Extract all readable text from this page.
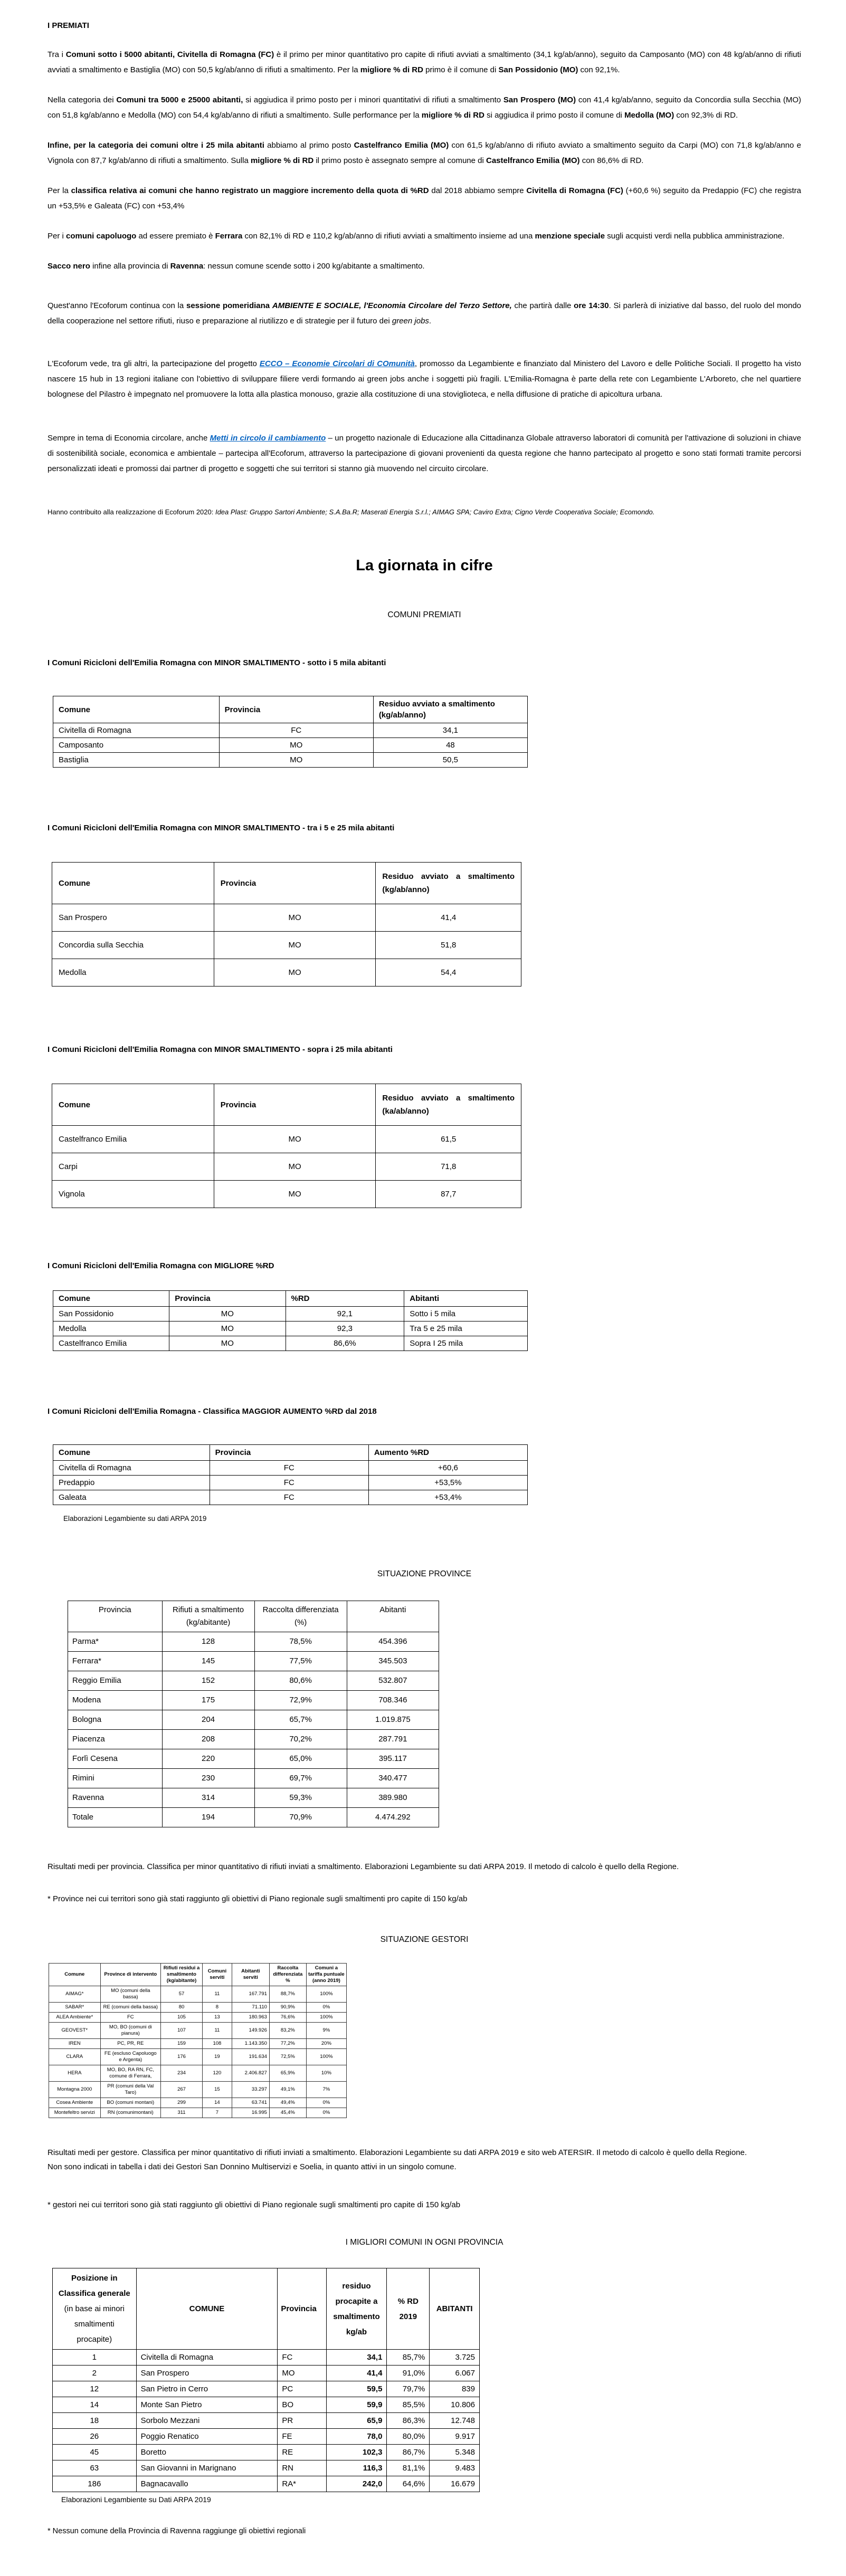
I PREMIATI

Tra i Comuni sotto i 5000 abitanti, Civitella di Romagna (FC) è il primo per minor quantitativo pro capite di rifiuti avviati a smaltimento (34,1 kg/ab/anno), seguito da Camposanto (MO) con 48 kg/ab/anno di rifiuti avviati a smaltimento e Bastiglia (MO) con 50,5 kg/ab/anno di rifiuti a smaltimento. Per la migliore % di RD primo è il comune di San Possidonio (MO) con 92,1%.

Nella categoria dei Comuni tra 5000 e 25000 abitanti, si aggiudica il primo posto per i minori quantitativi di rifiuti a smaltimento San Prospero (MO) con 41,4 kg/ab/anno, seguito da Concordia sulla Secchia (MO) con 51,8 kg/ab/anno e Medolla (MO) con 54,4 kg/ab/anno di rifiuti a smaltimento. Sulle performance per la migliore % di RD si aggiudica il primo posto il comune di Medolla (MO) con 92,3% di RD.

Infine, per la categoria dei comuni oltre i 25 mila abitanti abbiamo al primo posto Castelfranco Emilia (MO) con 61,5 kg/ab/anno di rifiuto avviato a smaltimento seguito da Carpi (MO) con 71,8 kg/ab/anno e Vignola con 87,7 kg/ab/anno di rifiuti a smaltimento. Sulla migliore % di RD il primo posto è assegnato sempre al comune di Castelfranco Emilia (MO) con 86,6% di RD.

Per la classifica relativa ai comuni che hanno registrato un maggiore incremento della quota di %RD dal 2018 abbiamo sempre Civitella di Romagna (FC) (+60,6 %) seguito da Predappio (FC) che registra un +53,5% e Galeata (FC) con +53,4%

Per i comuni capoluogo ad essere premiato è Ferrara con 82,1% di RD e 110,2 kg/ab/anno di rifiuti avviati a smaltimento insieme ad una menzione speciale sugli acquisti verdi nella pubblica amministrazione.

Sacco nero infine alla provincia di Ravenna: nessun comune scende sotto i 200 kg/abitante a smaltimento.

Quest'anno l'Ecoforum continua con la sessione pomeridiana AMBIENTE E SOCIALE, l'Economia Circolare del Terzo Settore, che partirà dalle ore 14:30. Si parlerà di iniziative dal basso, del ruolo del mondo della cooperazione nel settore rifiuti, riuso e preparazione al riutilizzo e di strategie per il futuro dei green jobs.

L'Ecoforum vede, tra gli altri, la partecipazione del progetto ECCO – Economie Circolari di COmunità, promosso da Legambiente e finanziato dal Ministero del Lavoro e delle Politiche Sociali. Il progetto ha visto nascere 15 hub in 13 regioni italiane con l'obiettivo di sviluppare filiere verdi formando ai green jobs anche i soggetti più fragili. L'Emilia-Romagna è parte della rete con Legambiente L'Arboreto, che nel quartiere bolognese del Pilastro è impegnato nel promuovere la lotta alla plastica monouso, grazie alla costituzione di una stoviglioteca, e nella diffusione di pratiche di apicoltura urbana.

Sempre in tema di Economia circolare, anche Metti in circolo il cambiamento – un progetto nazionale di Educazione alla Cittadinanza Globale attraverso laboratori di comunità per l'attivazione di soluzioni in chiave di sostenibilità sociale, economica e ambientale – partecipa all'Ecoforum, attraverso la partecipazione di giovani provenienti da questa regione che hanno partecipato al progetto e sono stati formati tramite percorsi personalizzati ideati e promossi dai partner di progetto e soggetti che sui territori si stanno già muovendo nel circuito circolare.

Hanno contribuito alla realizzazione di Ecoforum 2020: Idea Plast: Gruppo Sartori Ambiente; S.A.Ba.R; Maserati Energia S.r.l.; AIMAG SPA; Caviro Extra; Cigno Verde Cooperativa Sociale; Ecomondo.

La giornata in cifre
COMUNI PREMIATI
I Comuni Ricicloni dell'Emilia Romagna con MINOR SMALTIMENTO - sotto i 5 mila abitanti
Comune	Provincia	Residuo avviato a smaltimento (kg/ab/anno)
Civitella di Romagna	FC	34,1
Camposanto	MO	48
Bastiglia	MO	50,5
I Comuni Ricicloni dell'Emilia Romagna con MINOR SMALTIMENTO - tra i 5 e 25 mila abitanti
Comune	Provincia	Residuo avviato a smaltimento (kg/ab/anno)
San Prospero	MO	41,4
Concordia sulla Secchia	MO	51,8
Medolla	MO	54,4
I Comuni Ricicloni dell'Emilia Romagna con MINOR SMALTIMENTO - sopra i 25 mila abitanti
Comune	Provincia	Residuo avviato a smaltimento (ka/ab/anno)
Castelfranco Emilia	MO	61,5
Carpi	MO	71,8
Vignola	MO	87,7
I Comuni Ricicloni dell'Emilia Romagna con MIGLIORE %RD
Comune	Provincia	%RD	Abitanti
San Possidonio	MO	92,1	Sotto i 5 mila
Medolla	MO	92,3	Tra 5 e 25 mila
Castelfranco Emilia	MO	86,6%	Sopra I 25 mila
I Comuni Ricicloni dell'Emilia Romagna - Classifica MAGGIOR AUMENTO %RD dal 2018
Comune	Provincia	Aumento %RD
Civitella di Romagna	FC	+60,6
Predappio	FC	+53,5%
Galeata	FC	+53,4%
Elaborazioni Legambiente su dati ARPA 2019
SITUAZIONE PROVINCE
Provincia	Rifiuti a smaltimento (kg/abitante)	Raccolta differenziata (%)	Abitanti
Parma*	128	78,5%	454.396
Ferrara*	145	77,5%	345.503
Reggio Emilia	152	80,6%	532.807
Modena	175	72,9%	708.346
Bologna	204	65,7%	1.019.875
Piacenza	208	70,2%	287.791
Forlì Cesena	220	65,0%	395.117
Rimini	230	69,7%	340.477
Ravenna	314	59,3%	389.980
Totale	194	70,9%	4.474.292

Risultati medi per provincia. Classifica per minor quantitativo di rifiuti inviati a smaltimento. Elaborazioni Legambiente su dati ARPA 2019. Il metodo di calcolo è quello della Regione.

* Province nei cui territori sono già stati raggiunto gli obiettivi di Piano regionale sugli smaltimenti pro capite di 150 kg/ab

SITUAZIONE GESTORI
Comune	Province di intervento	Rifiuti residui a smaltimento (kg/abitante)	Comuni serviti	Abitanti serviti	Raccolta differenziata %	Comuni a tariffa puntuale (anno 2019)
AIMAG*	MO (comuni della bassa)	57	11	167.791	88,7%	100%
SABAR*	RE (comuni della bassa)	80	8	71.110	90,9%	0%
ALEA Ambiente*	FC	105	13	180.963	76,6%	100%
GEOVEST*	MO, BO (comuni di pianura)	107	11	149.926	83,2%	9%
IREN	PC, PR, RE	159	108	1.143.350	77,2%	20%
CLARA	FE (escluso Capoluogo e Argenta)	176	19	191.634	72,5%	100%
HERA	MO, BO, RA RN, FC, comune di Ferrara,	234	120	2.406.827	65,9%	10%
Montagna 2000	PR (comuni della Val Taro)	267	15	33.297	49,1%	7%
Cosea Ambiente	BO (comuni montani)	299	14	63.741	49,4%	0%
Montefeltro servizi	RN (comunimontani)	311	7	16.995	45,4%	0%

Risultati medi per gestore. Classifica per minor quantitativo di rifiuti inviati a smaltimento. Elaborazioni Legambiente su dati ARPA 2019 e sito web ATERSIR. Il metodo di calcolo è quello della Regione.

Non sono indicati in tabella i dati dei Gestori San Donnino Multiservizi e Soelia, in quanto attivi in un singolo comune.

* gestori nei cui territori sono già stati raggiunto gli obiettivi di Piano regionale sugli smaltimenti pro capite di 150 kg/ab

I MIGLIORI COMUNI IN OGNI PROVINCIA
Posizione in Classifica generale (in base ai minori smaltimenti procapite)	COMUNE	Provincia	residuo procapite a smaltimento kg/ab	% RD 2019	ABITANTI
1	Civitella di Romagna	FC	34,1	85,7%	3.725
2	San Prospero	MO	41,4	91,0%	6.067
12	San Pietro in Cerro	PC	59,5	79,7%	839
14	Monte San Pietro	BO	59,9	85,5%	10.806
18	Sorbolo Mezzani	PR	65,9	86,3%	12.748
26	Poggio Renatico	FE	78,0	80,0%	9.917
45	Boretto	RE	102,3	86,7%	5.348
63	San Giovanni in Marignano	RN	116,3	81,1%	9.483
186	Bagnacavallo	RA*	242,0	64,6%	16.679
Elaborazioni Legambiente su Dati ARPA 2019

* Nessun comune della Provincia di Ravenna raggiunge gli obiettivi regionali
